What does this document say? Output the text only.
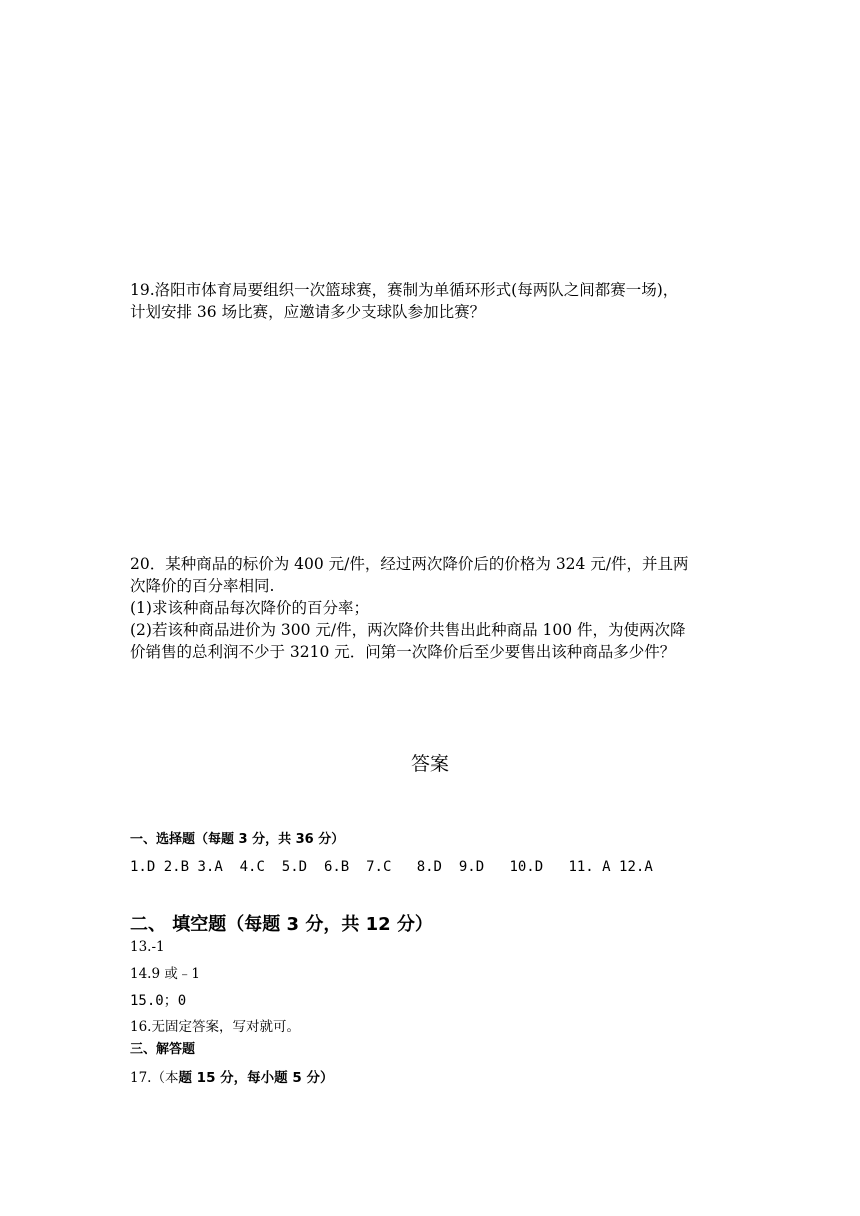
19.洛阳市体育局要组织一次篮球赛，赛制为单循环形式(每两队之间都赛一场)，

计划安排 36 场比赛，应邀请多少支球队参加比赛？

20．某种商品的标价为 400 元/件，经过两次降价后的价格为 324 元/件，并且两

次降价的百分率相同.

(1)求该种商品每次降价的百分率；

(2)若该种商品进价为 300 元/件，两次降价共售出此种商品 100 件，为使两次降

价销售的总利润不少于 3210 元．问第一次降价后至少要售出该种商品多少件？

答案
一、选择题（每题 3 分，共 36 分）
1.D
2.B
3.A
4.C
5.D
6.B
7.C
8.D
9.D
10.D
11. A
12.A
二、 填空题（每题 3 分，共 12 分）
13.-1
14.9 或﹣1
15.0；0
16.无固定答案，写对就可。
三、解答题
17.（本题 15 分，每小题 5 分）
